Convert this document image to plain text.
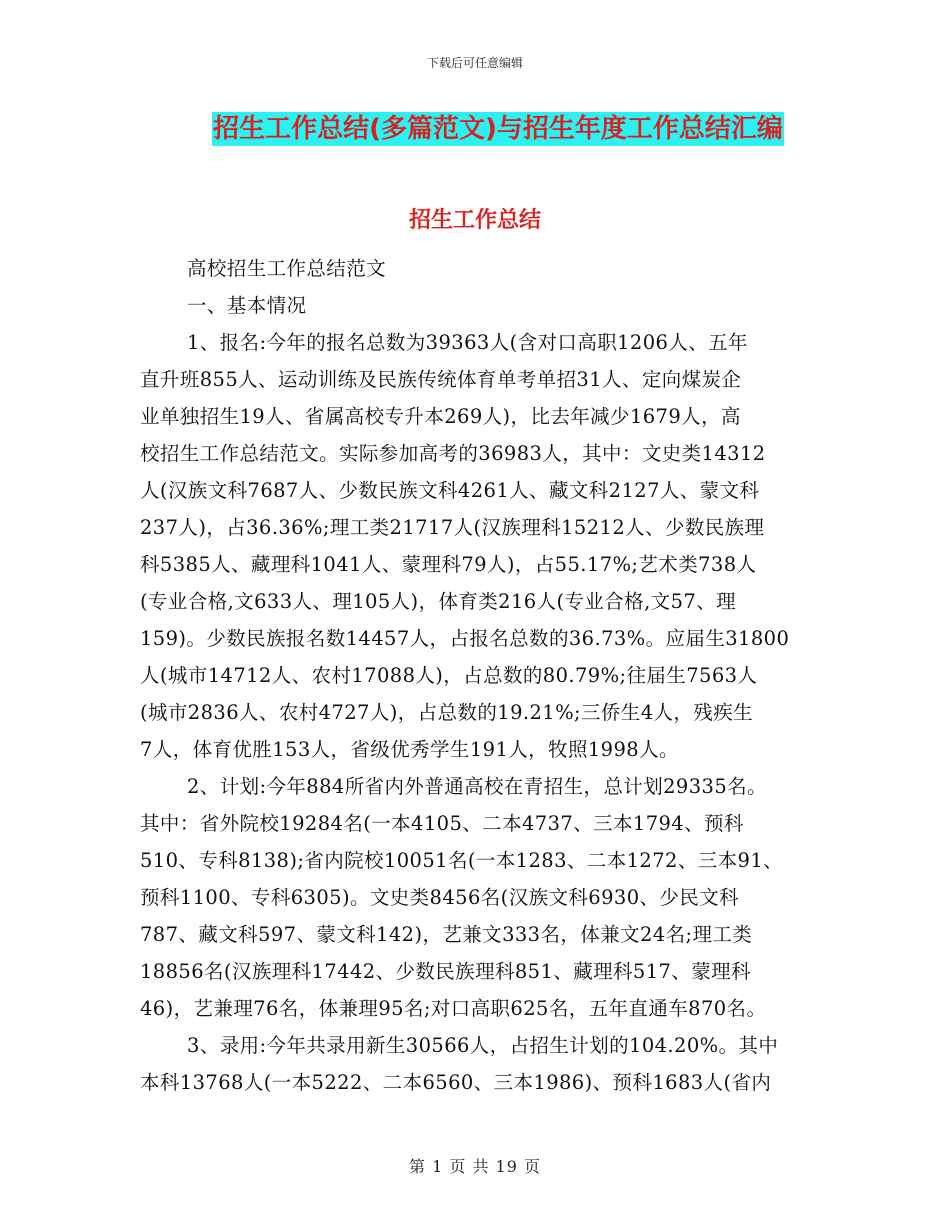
下载后可任意编辑
招生工作总结(多篇范文)与招生年度工作总结汇编
招生工作总结

高校招生工作总结范文

一、基本情况

1、报名:今年的报名总数为39363人(含对口高职1206人、五年

直升班855人、运动训练及民族传统体育单考单招31人、定向煤炭企

业单独招生19人、省属高校专升本269人)，比去年减少1679人，高

校招生工作总结范文。实际参加高考的36983人，其中：文史类14312

人(汉族文科7687人、少数民族文科4261人、藏文科2127人、蒙文科

237人)，占36.36%;理工类21717人(汉族理科15212人、少数民族理

科5385人、藏理科1041人、蒙理科79人)，占55.17%;艺术类738人

(专业合格,文633人、理105人)，体育类216人(专业合格,文57、理

159)。少数民族报名数14457人，占报名总数的36.73%。应届生31800

人(城市14712人、农村17088人)，占总数的80.79%;往届生7563人

(城市2836人、农村4727人)，占总数的19.21%;三侨生4人，残疾生

7人，体育优胜153人，省级优秀学生191人，牧照1998人。

2、计划:今年884所省内外普通高校在青招生，总计划29335名。

其中：省外院校19284名(一本4105、二本4737、三本1794、预科

510、专科8138);省内院校10051名(一本1283、二本1272、三本91、

预科1100、专科6305)。文史类8456名(汉族文科6930、少民文科

787、藏文科597、蒙文科142)，艺兼文333名，体兼文24名;理工类

18856名(汉族理科17442、少数民族理科851、藏理科517、蒙理科

46)，艺兼理76名，体兼理95名;对口高职625名，五年直通车870名。

3、录用:今年共录用新生30566人，占招生计划的104.20%。其中

本科13768人(一本5222、二本6560、三本1986)、预科1683人(省内

第 1 页 共 19 页
